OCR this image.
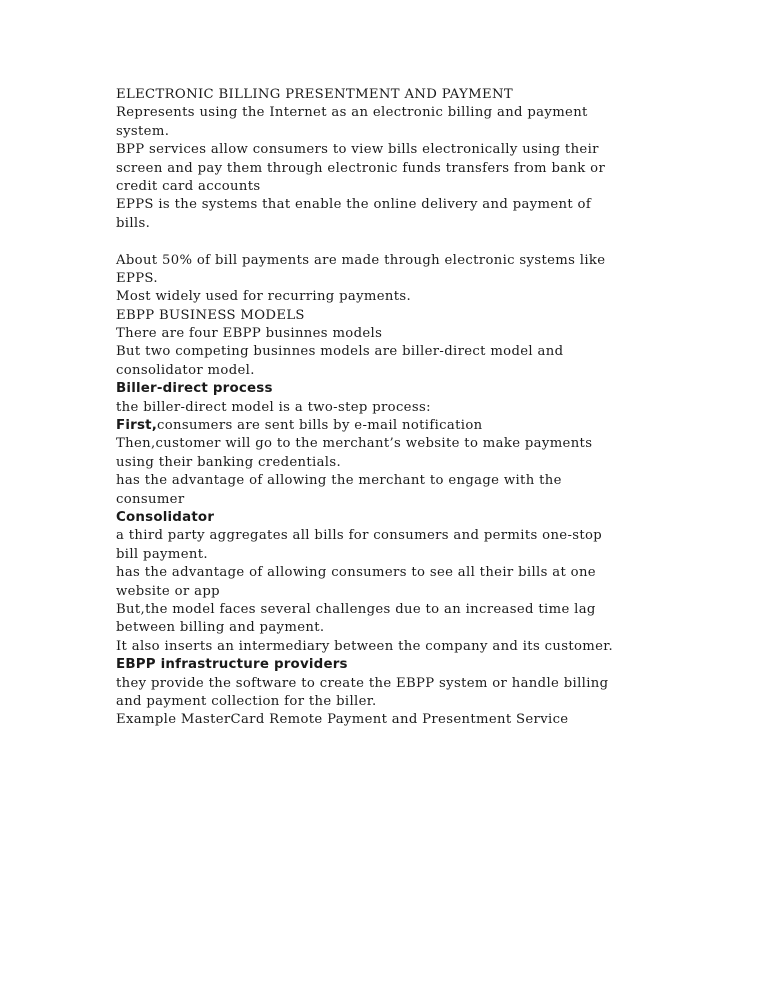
ELECTRONIC BILLING PRESENTMENT AND PAYMENT

Represents using the Internet as an electronic billing and payment

system.

BPP services allow consumers to view bills electronically using their

screen and pay them through electronic funds transfers from bank or

credit card accounts

EPPS is the systems that enable the online delivery and payment of

bills.

About 50% of bill payments are made through electronic systems like

EPPS.

Most widely used for recurring payments.

EBPP BUSINESS MODELS

There are four EBPP businnes models

But two competing businnes models are biller-direct model and

consolidator model.

Biller-direct process

the biller-direct model is a two-step process:

First,consumers are sent bills by e-mail notification

Then,customer will go to the merchant’s website to make payments

using their banking credentials.

has the advantage of allowing the merchant to engage with the

consumer

Consolidator

a third party aggregates all bills for consumers and permits one-stop

bill payment.

has the advantage of allowing consumers to see all their bills at one

website or app

But,the model faces several challenges due to an increased time lag

between billing and payment.

It also inserts an intermediary between the company and its customer.

EBPP infrastructure providers

they provide the software to create the EBPP system or handle billing

and payment collection for the biller.

Example MasterCard Remote Payment and Presentment Service
